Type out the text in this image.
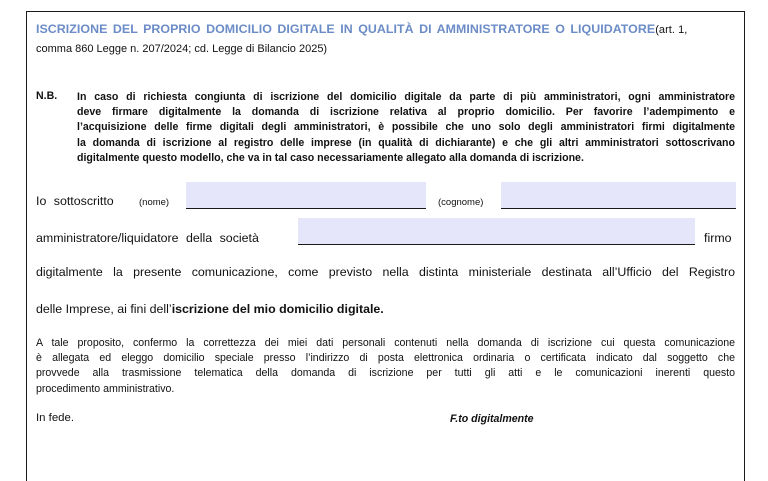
ISCRIZIONE DEL PROPRIO DOMICILIO DIGITALE IN QUALITÀ DI AMMINISTRATORE O LIQUIDATORE(art. 1,
comma 860 Legge n. 207/2024; cd. Legge di Bilancio 2025)
N.B. In caso di richiesta congiunta di iscrizione del domicilio digitale da parte di più amministratori, ogni amministratore
deve firmare digitalmente la domanda di iscrizione relativa al proprio domicilio. Per favorire l’adempimento e
l’acquisizione delle firme digitali degli amministratori, è possibile che uno solo degli amministratori firmi digitalmente
la domanda di iscrizione al registro delle imprese (in qualità di dichiarante) e che gli altri amministratori sottoscrivano
digitalmente questo modello, che va in tal caso necessariamente allegato alla domanda di iscrizione.
Io sottoscritto	(nome)	(cognome)
amministratore/liquidatore della società	firmo
digitalmente la presente comunicazione, come previsto nella distinta ministeriale destinata all’Ufficio del Registro
delle Imprese, ai fini dell’iscrizione del mio domicilio digitale.
A tale proposito, confermo la correttezza dei miei dati personali contenuti nella domanda di iscrizione cui questa comunicazione
è allegata ed eleggo domicilio speciale presso l’indirizzo di posta elettronica ordinaria o certificata indicato dal soggetto che
provvede alla trasmissione telematica della domanda di iscrizione per tutti gli atti e le comunicazioni inerenti questo
procedimento amministrativo.
In fede.	F.to digitalmente
